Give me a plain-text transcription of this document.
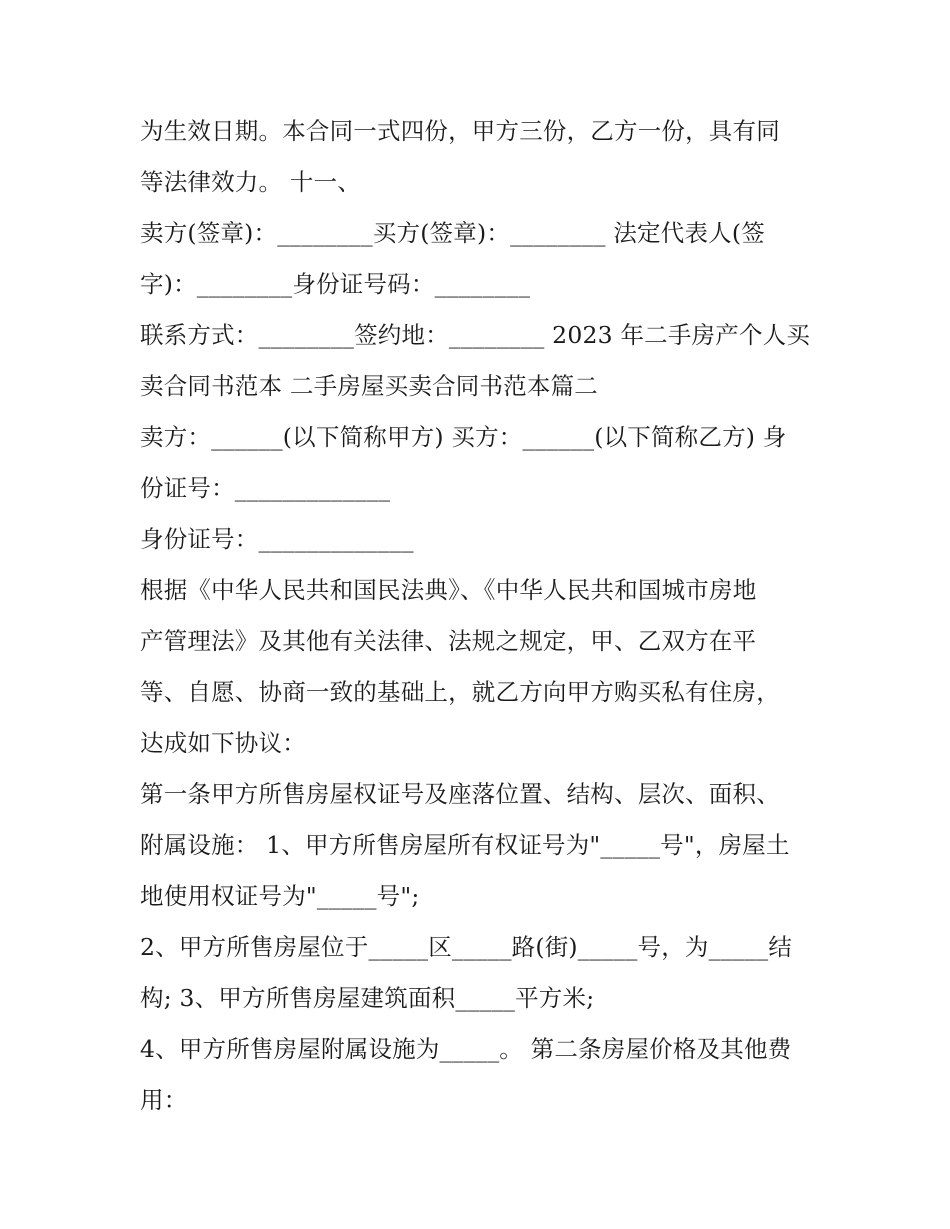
为生效日期。本合同一式四份，甲方三份，乙方一份，具有同
等法律效力。 十一、
卖方(签章)：________买方(签章)：________ 法定代表人(签
字)：________身份证号码：________
联系方式：________签约地：________ 2023 年二手房产个人买
卖合同书范本 二手房屋买卖合同书范本篇二
卖方：______(以下简称甲方) 买方：______(以下简称乙方) 身
份证号：_____________
身份证号：_____________
根据《中华人民共和国民法典》、《中华人民共和国城市房地
产管理法》及其他有关法律、法规之规定，甲、乙双方在平
等、自愿、协商一致的基础上，就乙方向甲方购买私有住房，
达成如下协议：
第一条甲方所售房屋权证号及座落位置、结构、层次、面积、
附属设施： 1、甲方所售房屋所有权证号为"_____号"，房屋土
地使用权证号为"_____号";
2、甲方所售房屋位于_____区_____路(街)_____号，为_____结
构; 3、甲方所售房屋建筑面积_____平方米;
4、甲方所售房屋附属设施为_____。 第二条房屋价格及其他费
用：
